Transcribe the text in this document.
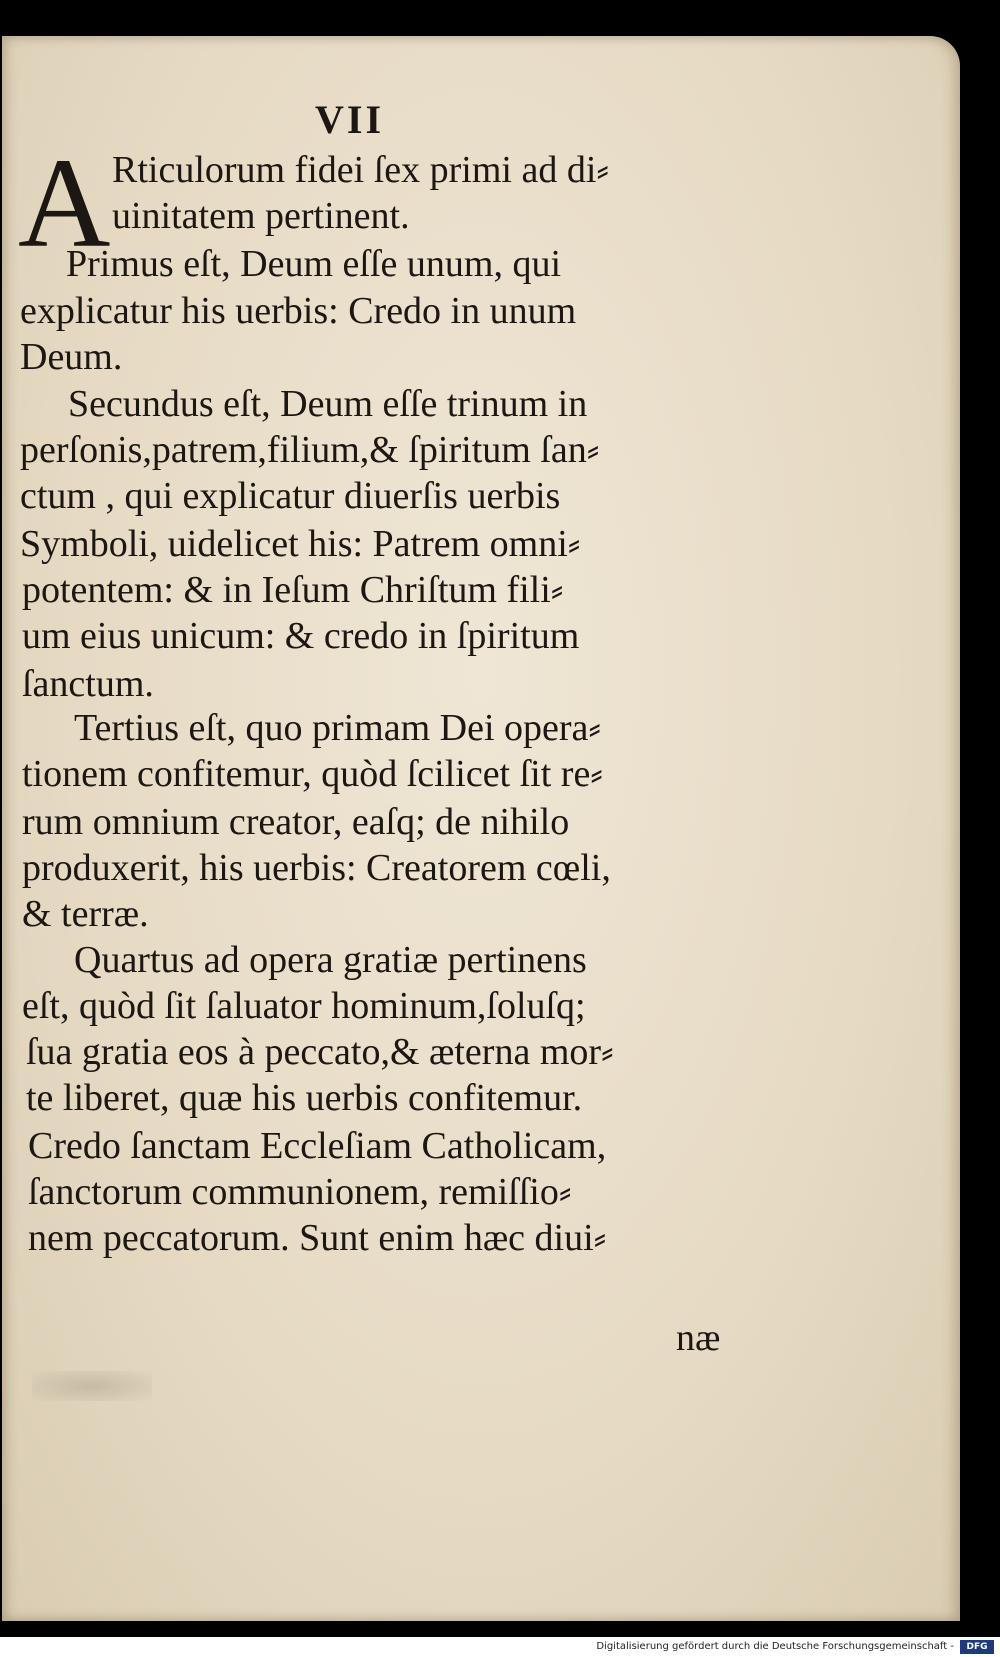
VII
A Rticulorum fidei ſex primi ad di⸗
uinitatem pertinent.
Primus eſt, Deum eſſe unum, qui
explicatur his uerbis: Credo in unum
Deum.
Secundus eſt, Deum eſſe trinum in
perſonis,patrem,filium,& ſpiritum ſan⸗
ctum , qui explicatur diuerſis uerbis
Symboli, uidelicet his: Patrem omni⸗
potentem: & in Ieſum Chriſtum fili⸗
um eius unicum: & credo in ſpiritum
ſanctum.
Tertius eſt, quo primam Dei opera⸗
tionem confitemur, quòd ſcilicet ſit re⸗
rum omnium creator, eaſq; de nihilo
produxerit, his uerbis: Creatorem cœli,
& terræ.
Quartus ad opera gratiæ pertinens
eſt, quòd ſit ſaluator hominum,ſoluſq;
ſua gratia eos à peccato,& æterna mor⸗
te liberet, quæ his uerbis confitemur.
Credo ſanctam Eccleſiam Catholicam,
ſanctorum communionem, remiſſio⸗
nem peccatorum. Sunt enim hæc diui⸗
næ
Digitalisierung gefördert durch die Deutsche Forschungsgemeinschaft -	DFG
